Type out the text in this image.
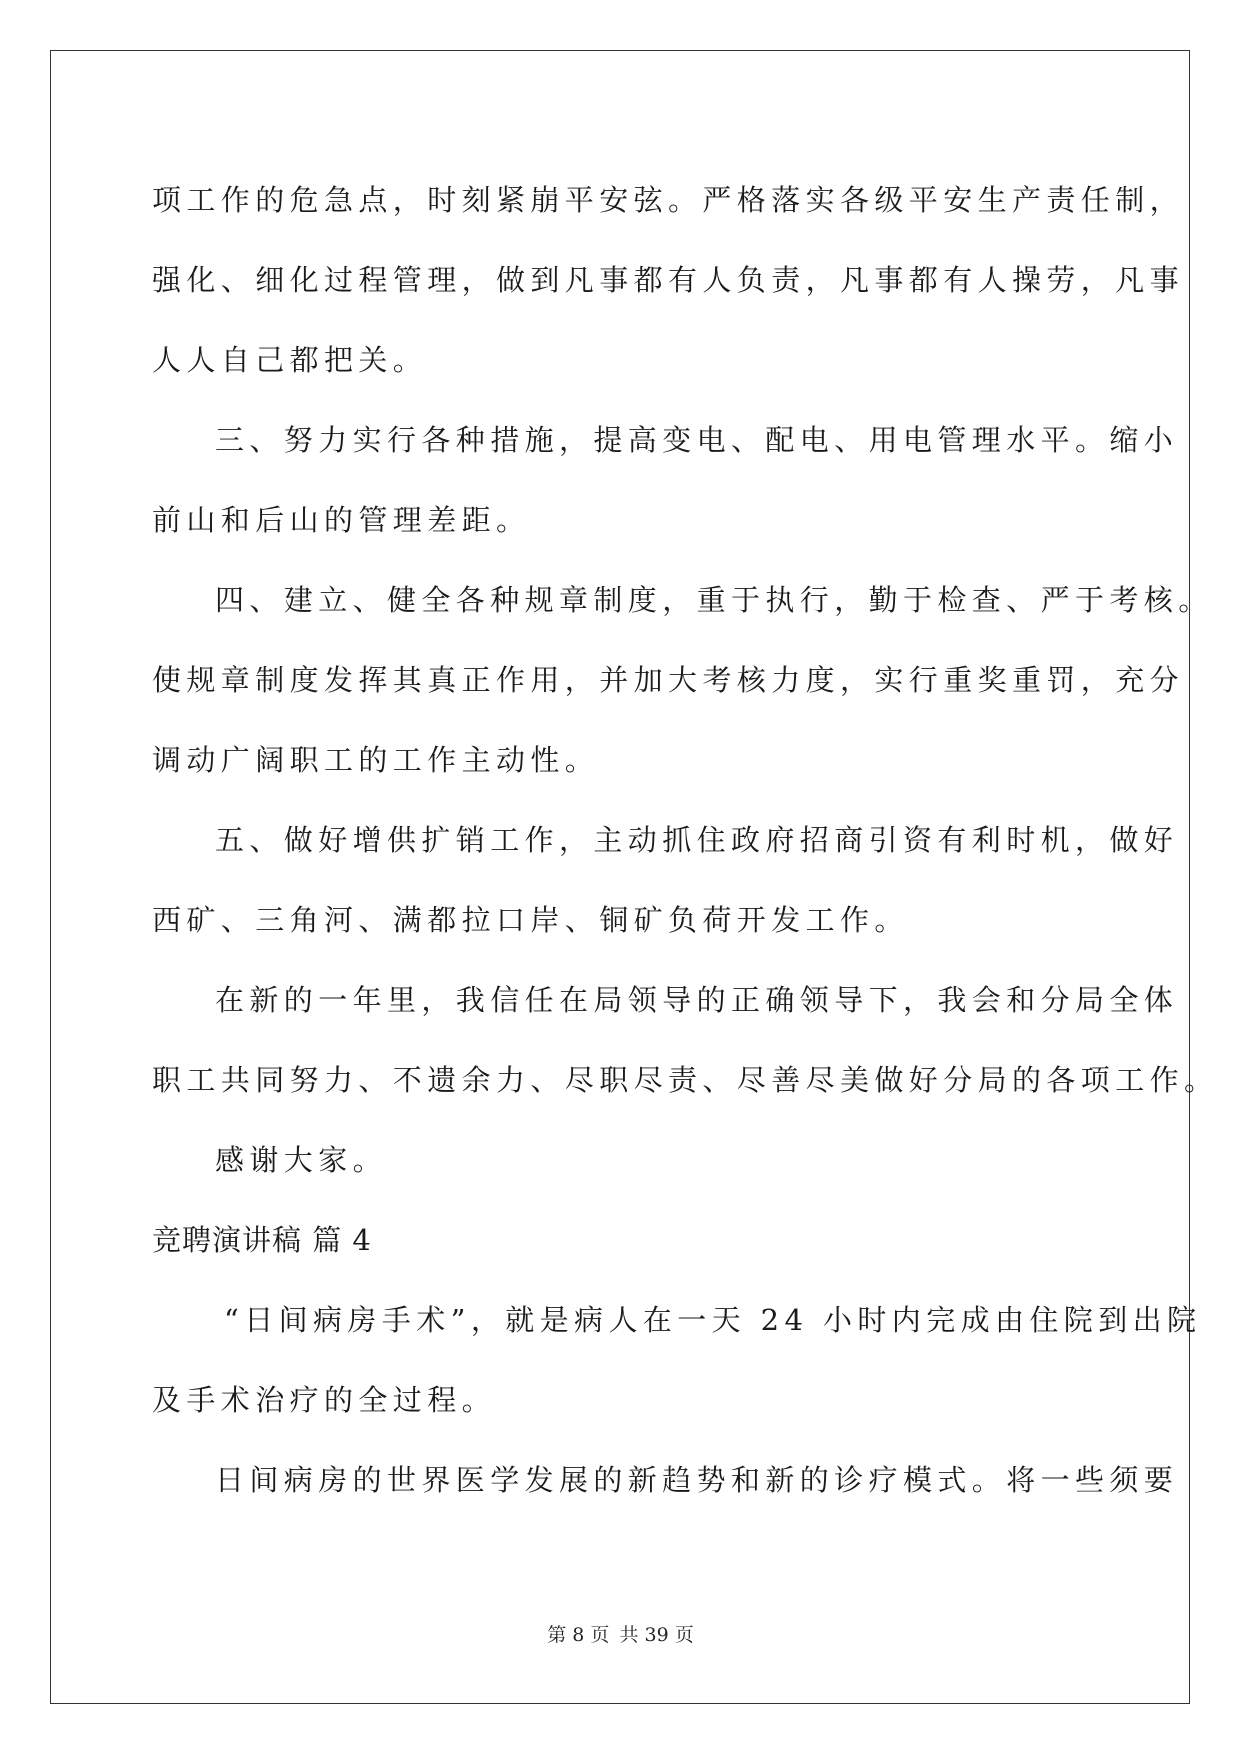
项工作的危急点，时刻紧崩平安弦。严格落实各级平安生产责任制，
强化、细化过程管理，做到凡事都有人负责，凡事都有人操劳，凡事
人人自己都把关。
三、努力实行各种措施，提高变电、配电、用电管理水平。缩小
前山和后山的管理差距。
四、建立、健全各种规章制度，重于执行，勤于检查、严于考核。
使规章制度发挥其真正作用，并加大考核力度，实行重奖重罚，充分
调动广阔职工的工作主动性。
五、做好增供扩销工作，主动抓住政府招商引资有利时机，做好
西矿、三角河、满都拉口岸、铜矿负荷开发工作。
在新的一年里，我信任在局领导的正确领导下，我会和分局全体
职工共同努力、不遗余力、尽职尽责、尽善尽美做好分局的各项工作。
感谢大家。
竞聘演讲稿 篇 4
“日间病房手术”，就是病人在一天 24 小时内完成由住院到出院
及手术治疗的全过程。
日间病房的世界医学发展的新趋势和新的诊疗模式。将一些须要
第 8 页 共 39 页
